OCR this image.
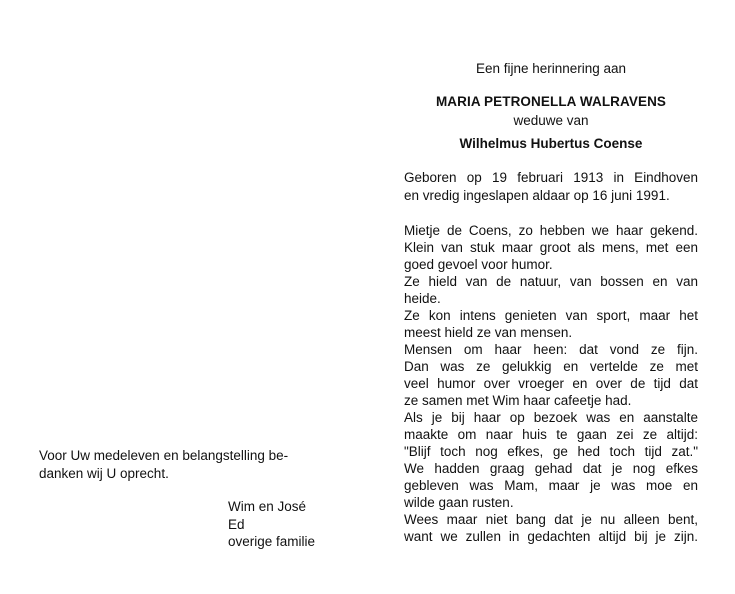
Voor Uw medeleven en belangstelling be-
danken wij U oprecht.
Wim en José
Ed
overige familie
Een fijne herinnering aan
MARIA PETRONELLA WALRAVENS
weduwe van
Wilhelmus Hubertus Coense
Geboren op 19 februari 1913 in Eindhoven
en vredig ingeslapen aldaar op 16 juni 1991.
Mietje de Coens, zo hebben we haar gekend.
Klein van stuk maar groot als mens, met een
goed gevoel voor humor.
Ze hield van de natuur, van bossen en van
heide.
Ze kon intens genieten van sport, maar het
meest hield ze van mensen.
Mensen om haar heen: dat vond ze fijn.
Dan was ze gelukkig en vertelde ze met
veel humor over vroeger en over de tijd dat
ze samen met Wim haar cafeetje had.
Als je bij haar op bezoek was en aanstalte
maakte om naar huis te gaan zei ze altijd:
"Blijf toch nog efkes, ge hed toch tijd zat."
We hadden graag gehad dat je nog efkes
gebleven was Mam, maar je was moe en
wilde gaan rusten.
Wees maar niet bang dat je nu alleen bent,
want we zullen in gedachten altijd bij je zijn.
